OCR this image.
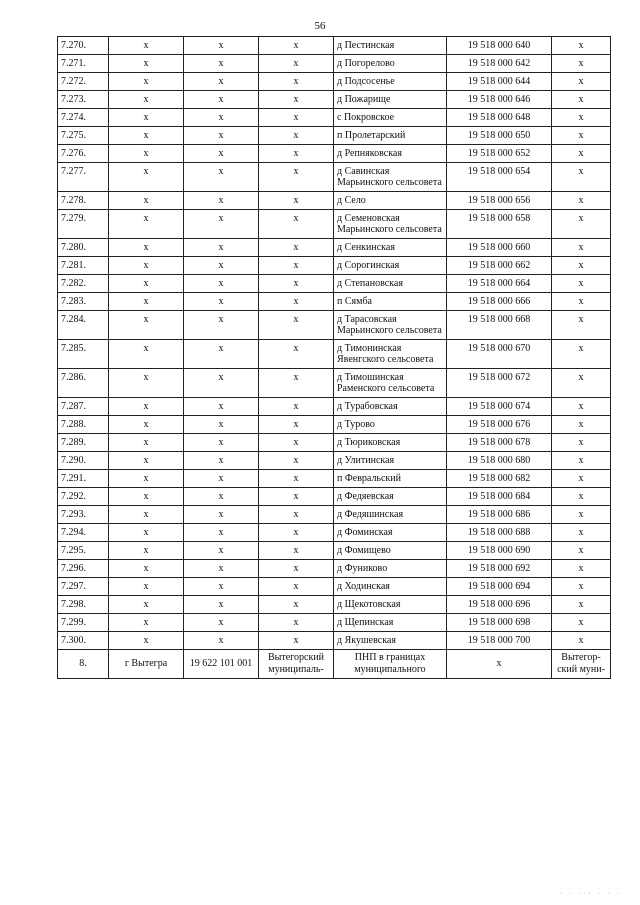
56
7.270.	x	x	x	д Пестинская	19 518 000 640	x
7.271.	x	x	x	д Погорелово	19 518 000 642	x
7.272.	x	x	x	д Подсосенье	19 518 000 644	x
7.273.	x	x	x	д Пожарище	19 518 000 646	x
7.274.	x	x	x	с Покровское	19 518 000 648	x
7.275.	x	x	x	п Пролетарский	19 518 000 650	x
7.276.	x	x	x	д Репняковская	19 518 000 652	x
7.277.	x	x	x	д Савинская Марьинского сельсовета	19 518 000 654	x
7.278.	x	x	x	д Село	19 518 000 656	x
7.279.	x	x	x	д Семеновская Марьинского сельсовета	19 518 000 658	x
7.280.	x	x	x	д Сенкинская	19 518 000 660	x
7.281.	x	x	x	д Сорогинская	19 518 000 662	x
7.282.	x	x	x	д Степановская	19 518 000 664	x
7.283.	x	x	x	п Сямба	19 518 000 666	x
7.284.	x	x	x	д Тарасовская Марьинского сельсовета	19 518 000 668	x
7.285.	x	x	x	д Тимонинская Явенгского сельсовета	19 518 000 670	x
7.286.	x	x	x	д Тимошинская Раменского сельсовета	19 518 000 672	x
7.287.	x	x	x	д Турабовская	19 518 000 674	x
7.288.	x	x	x	д Турово	19 518 000 676	x
7.289.	x	x	x	д Тюриковская	19 518 000 678	x
7.290.	x	x	x	д Улитинская	19 518 000 680	x
7.291.	x	x	x	п Февральский	19 518 000 682	x
7.292.	x	x	x	д Федяевская	19 518 000 684	x
7.293.	x	x	x	д Федяшинская	19 518 000 686	x
7.294.	x	x	x	д Фоминская	19 518 000 688	x
7.295.	x	x	x	д Фомищево	19 518 000 690	x
7.296.	x	x	x	д Фуниково	19 518 000 692	x
7.297.	x	x	x	д Ходинская	19 518 000 694	x
7.298.	x	x	x	д Щекотовская	19 518 000 696	x
7.299.	x	x	x	д Щепинская	19 518 000 698	x
7.300.	x	x	x	д Якушевская	19 518 000 700	x
8.	г Вытегра	19 622 101 001	Вытегорский муниципаль-	ПНП в границах муниципального	x	Вытегор-ский муни-
· · ··· · · ·
